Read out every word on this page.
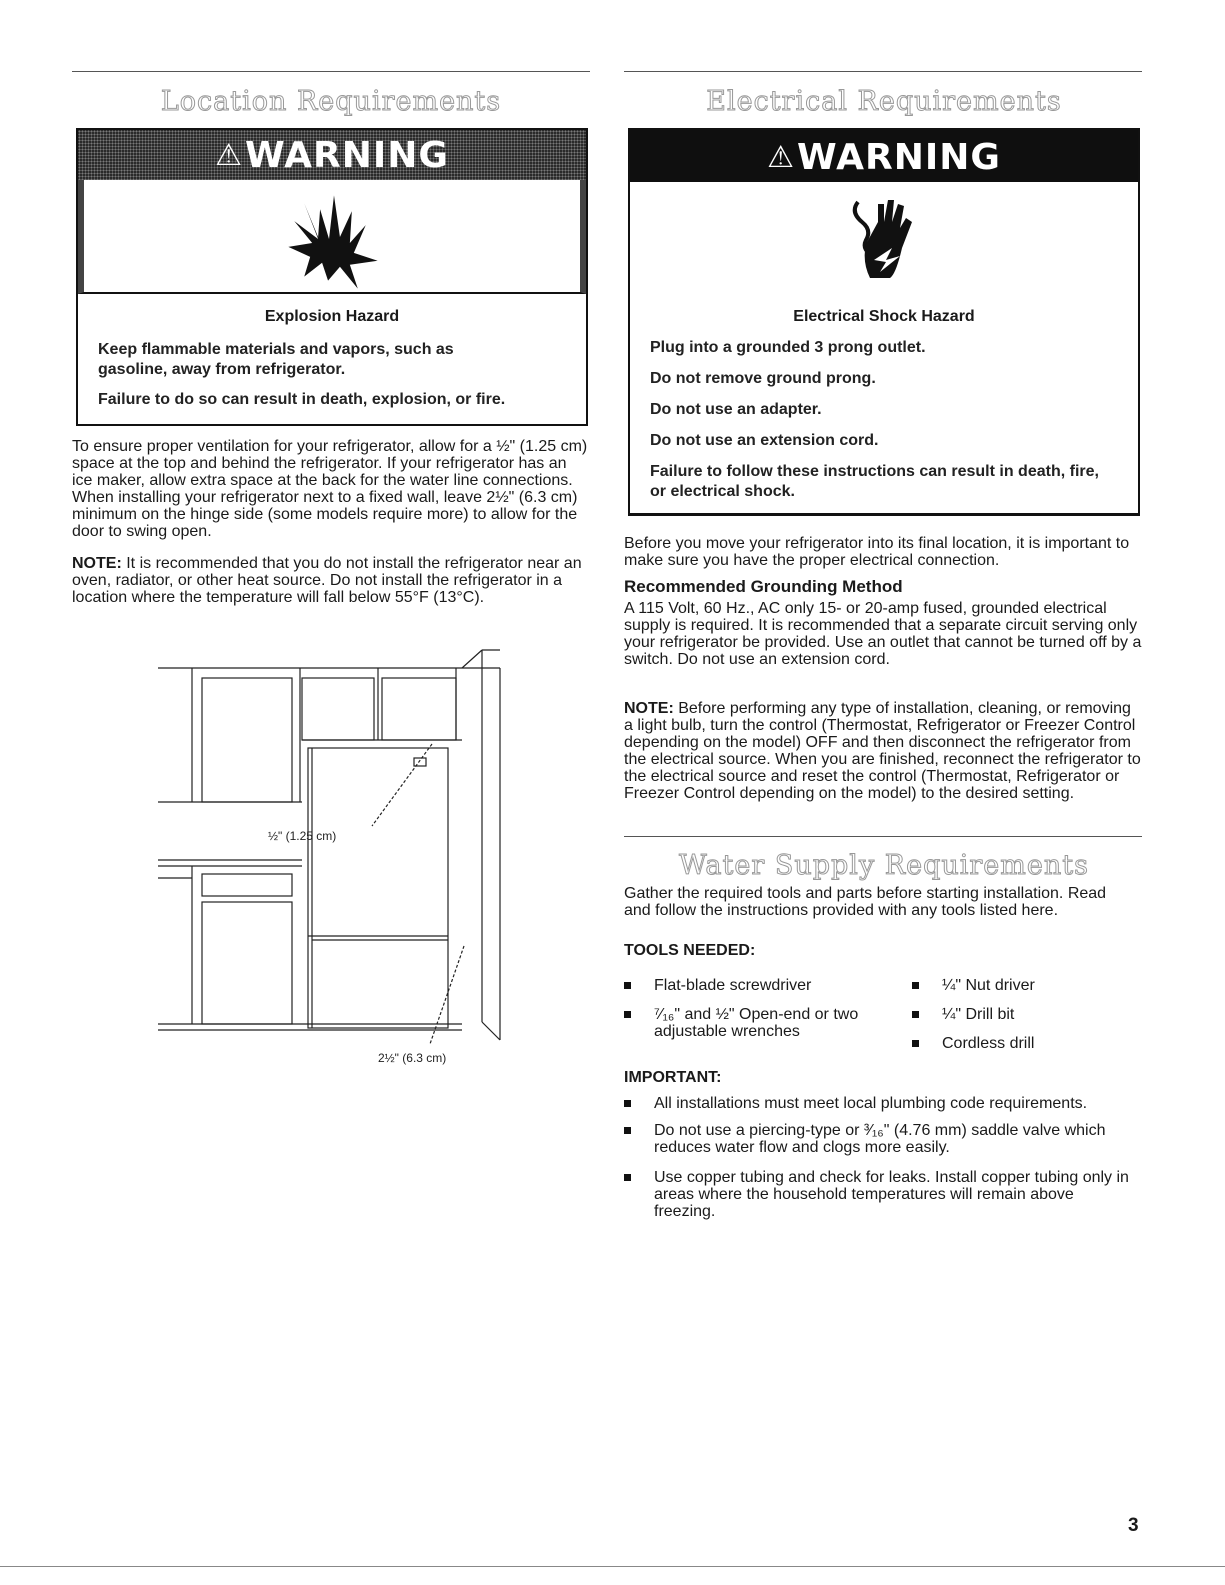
Location Requirements
⚠ WARNING
Explosion Hazard
Keep flammable materials and vapors, such as gasoline, away from refrigerator.
Failure to do so can result in death, explosion, or fire.
To ensure proper ventilation for your refrigerator, allow for a ½" (1.25 cm) space at the top and behind the refrigerator. If your refrigerator has an ice maker, allow extra space at the back for the water line connections. When installing your refrigerator next to a fixed wall, leave 2½" (6.3 cm) minimum on the hinge side (some models require more) to allow for the door to swing open.
NOTE: It is recommended that you do not install the refrigerator near an oven, radiator, or other heat source. Do not install the refrigerator in a location where the temperature will fall below 55°F (13°C).
½" (1.25 cm)
2½" (6.3 cm)
Electrical Requirements
⚠ WARNING
Electrical Shock Hazard
Plug into a grounded 3 prong outlet.
Do not remove ground prong.
Do not use an adapter.
Do not use an extension cord.
Failure to follow these instructions can result in death, fire, or electrical shock.
Before you move your refrigerator into its final location, it is important to make sure you have the proper electrical connection.
Recommended Grounding Method
A 115 Volt, 60 Hz., AC only 15- or 20-amp fused, grounded electrical supply is required. It is recommended that a separate circuit serving only your refrigerator be provided. Use an outlet that cannot be turned off by a switch. Do not use an extension cord.
NOTE: Before performing any type of installation, cleaning, or removing a light bulb, turn the control (Thermostat, Refrigerator or Freezer Control depending on the model) OFF and then disconnect the refrigerator from the electrical source. When you are finished, reconnect the refrigerator to the electrical source and reset the control (Thermostat, Refrigerator or Freezer Control depending on the model) to the desired setting.
Water Supply Requirements
Gather the required tools and parts before starting installation. Read and follow the instructions provided with any tools listed here.
TOOLS NEEDED:
Flat-blade screwdriver
⁷⁄₁₆" and ½" Open-end or two adjustable wrenches
¼" Nut driver
¼" Drill bit
Cordless drill
IMPORTANT:
All installations must meet local plumbing code requirements.
Do not use a piercing-type or ³⁄₁₆" (4.76 mm) saddle valve which reduces water flow and clogs more easily.
Use copper tubing and check for leaks. Install copper tubing only in areas where the household temperatures will remain above freezing.
3
